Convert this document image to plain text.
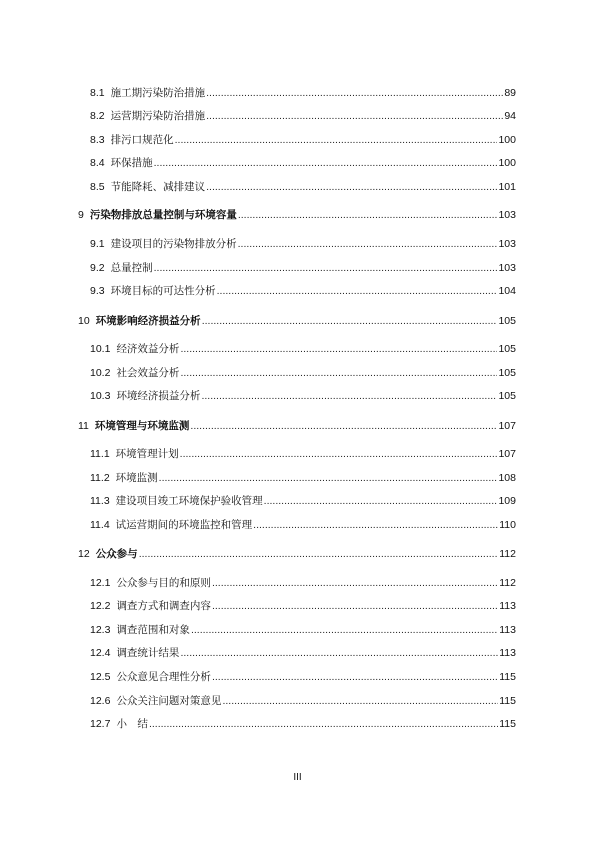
8.1 施工期污染防治措施 .....	89
8.2 运营期污染防治措施 .....	94
8.3 排污口规范化 .....	100
8.4 环保措施 .....	100
8.5 节能降耗、减排建议 .....	101
9 污染物排放总量控制与环境容量 .....	103
9.1 建设项目的污染物排放分析 .....	103
9.2 总量控制 .....	103
9.3 环境目标的可达性分析 .....	104
10 环境影响经济损益分析 .....	105
10.1 经济效益分析 .....	105
10.2 社会效益分析 .....	105
10.3 环境经济损益分析 .....	105
11 环境管理与环境监测 .....	107
11.1 环境管理计划 .....	107
11.2 环境监测 .....	108
11.3 建设项目竣工环境保护验收管理 .....	109
11.4 试运营期间的环境监控和管理 .....	110
12 公众参与 .....	112
12.1 公众参与目的和原则 .....	112
12.2 调查方式和调查内容 .....	113
12.3 调查范围和对象 .....	113
12.4 调查统计结果 .....	113
12.5 公众意见合理性分析 .....	115
12.6 公众关注问题对策意见 .....	115
12.7 小　结 .....	115
III
